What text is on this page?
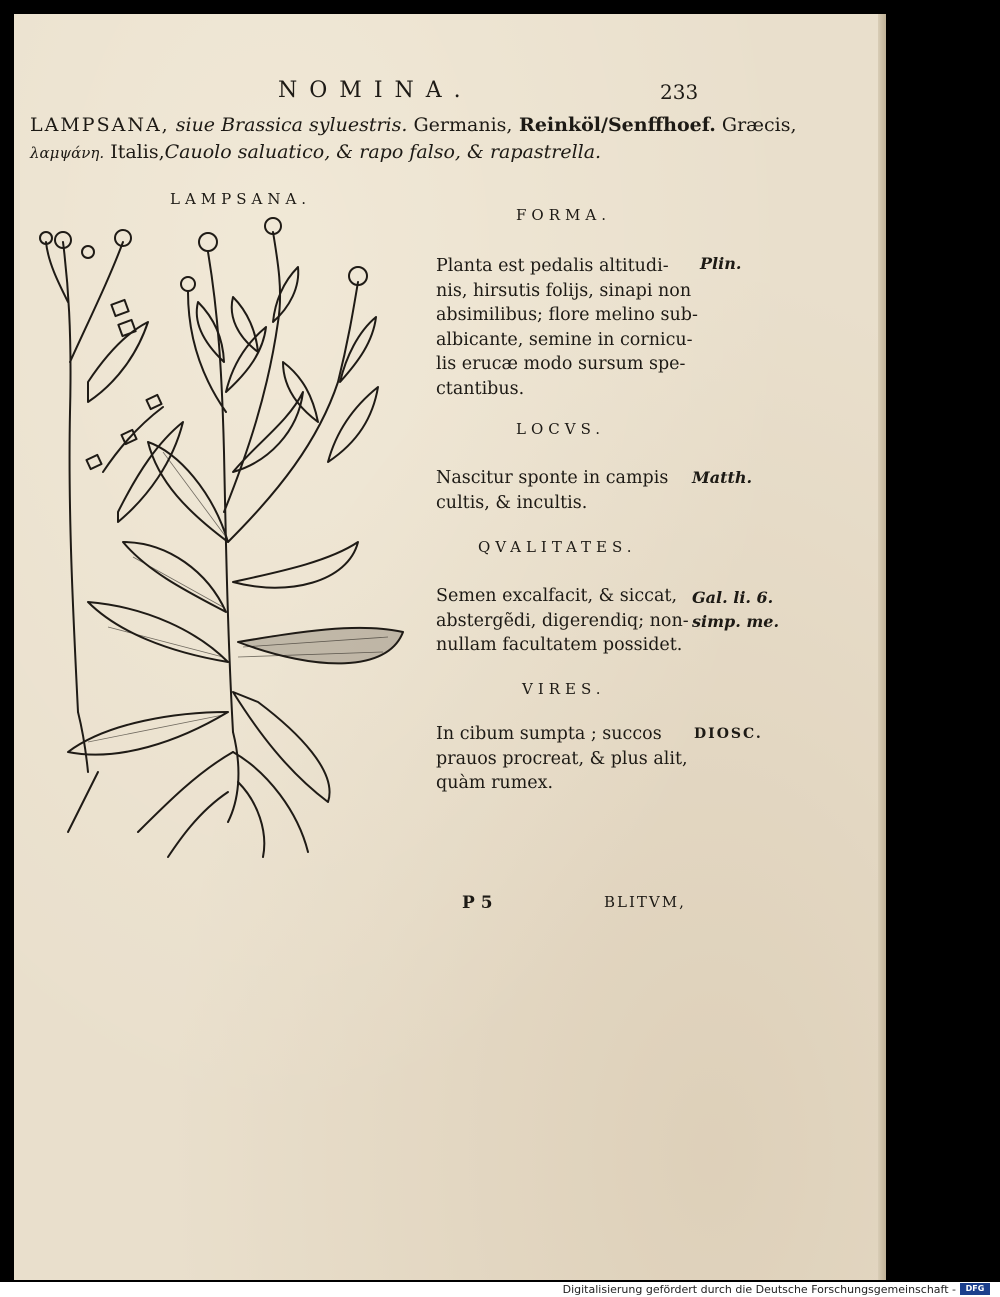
NOMINA.	233
LAMPSANA, siue Brassica syluestris. Germanis, Reinköl/Senffhoef. Græcis,
λαμψάνη. Italis,Cauolo saluatico, & rapo falso, & rapastrella.
LAMPSANA.
FORMA.
Planta est pedalis altitudi-
nis, hirsutis folijs, sinapi non
absimilibus; flore melino sub-
albicante, semine in cornicu-
lis erucæ modo sursum spe-
ctantibus.
Plin.
LOCVS.
Nascitur sponte in campis
cultis, & incultis.
Matth.
QVALITATES.
Semen excalfacit, & siccat,
abstergẽdi, digerendiq; non-
nullam facultatem possidet.
Gal. li. 6.
simp. me.
VIRES.
In cibum sumpta ; succos
prauos procreat, & plus alit,
quàm rumex.
DIOSC.
P 5	BLITVM,
Digitalisierung gefördert durch die Deutsche Forschungsgemeinschaft -	DFG
